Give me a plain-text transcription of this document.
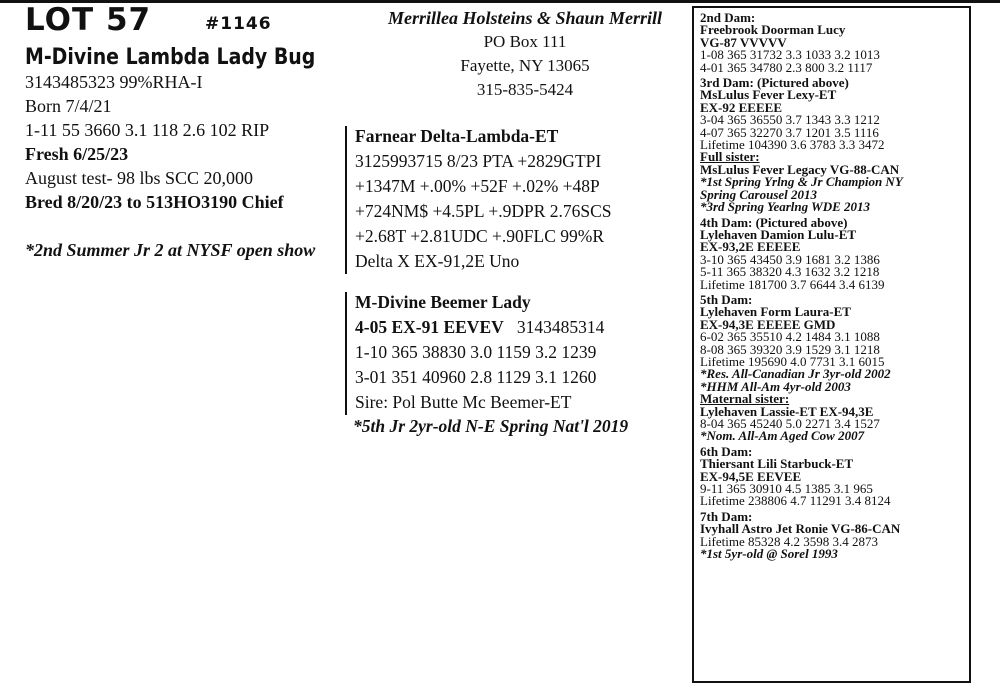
LOT 57	#1146
M-Divine Lambda Lady Bug
3143485323 99%RHA-I
Born 7/4/21
1-11 55 3660 3.1 118 2.6 102 RIP
Fresh 6/25/23
August test- 98 lbs SCC 20,000
Bred 8/20/23 to 513HO3190 Chief
*2nd Summer Jr 2 at NYSF open show
Merrillea Holsteins & Shaun Merrill
PO Box 111
Fayette, NY 13065
315-835-5424
Farnear Delta-Lambda-ET
3125993715 8/23 PTA +2829GTPI
+1347M +.00% +52F +.02% +48P
+724NM$ +4.5PL +.9DPR 2.76SCS
+2.68T +2.81UDC +.90FLC 99%R
Delta X EX-91,2E Uno
M-Divine Beemer Lady
4-05 EX-91 EEVEV 3143485314
1-10 365 38830 3.0 1159 3.2 1239
3-01 351 40960 2.8 1129 3.1 1260
Sire: Pol Butte Mc Beemer-ET
*5th Jr 2yr-old N-E Spring Nat'l 2019
2nd Dam:
Freebrook Doorman Lucy
VG-87 VVVVV
1-08 365 31732 3.3 1033 3.2 1013
4-01 365 34780 2.3 800 3.2 1117
3rd Dam: (Pictured above)
MsLulus Fever Lexy-ET
EX-92 EEEEE
3-04 365 36550 3.7 1343 3.3 1212
4-07 365 32270 3.7 1201 3.5 1116
Lifetime 104390 3.6 3783 3.3 3472
Full sister:
MsLulus Fever Legacy VG-88-CAN
*1st Spring Yrlng & Jr Champion NY
Spring Carousel 2013
*3rd Spring Yearlng WDE 2013
4th Dam: (Pictured above)
Lylehaven Damion Lulu-ET
EX-93,2E EEEEE
3-10 365 43450 3.9 1681 3.2 1386
5-11 365 38320 4.3 1632 3.2 1218
Lifetime 181700 3.7 6644 3.4 6139
5th Dam:
Lylehaven Form Laura-ET
EX-94,3E EEEEE GMD
6-02 365 35510 4.2 1484 3.1 1088
8-08 365 39320 3.9 1529 3.1 1218
Lifetime 195690 4.0 7731 3.1 6015
*Res. All-Canadian Jr 3yr-old 2002
*HHM All-Am 4yr-old 2003
Maternal sister:
Lylehaven Lassie-ET EX-94,3E
8-04 365 45240 5.0 2271 3.4 1527
*Nom. All-Am Aged Cow 2007
6th Dam:
Thiersant Lili Starbuck-ET
EX-94,5E EEVEE
9-11 365 30910 4.5 1385 3.1 965
Lifetime 238806 4.7 11291 3.4 8124
7th Dam:
Ivyhall Astro Jet Ronie VG-86-CAN
Lifetime 85328 4.2 3598 3.4 2873
*1st 5yr-old @ Sorel 1993
